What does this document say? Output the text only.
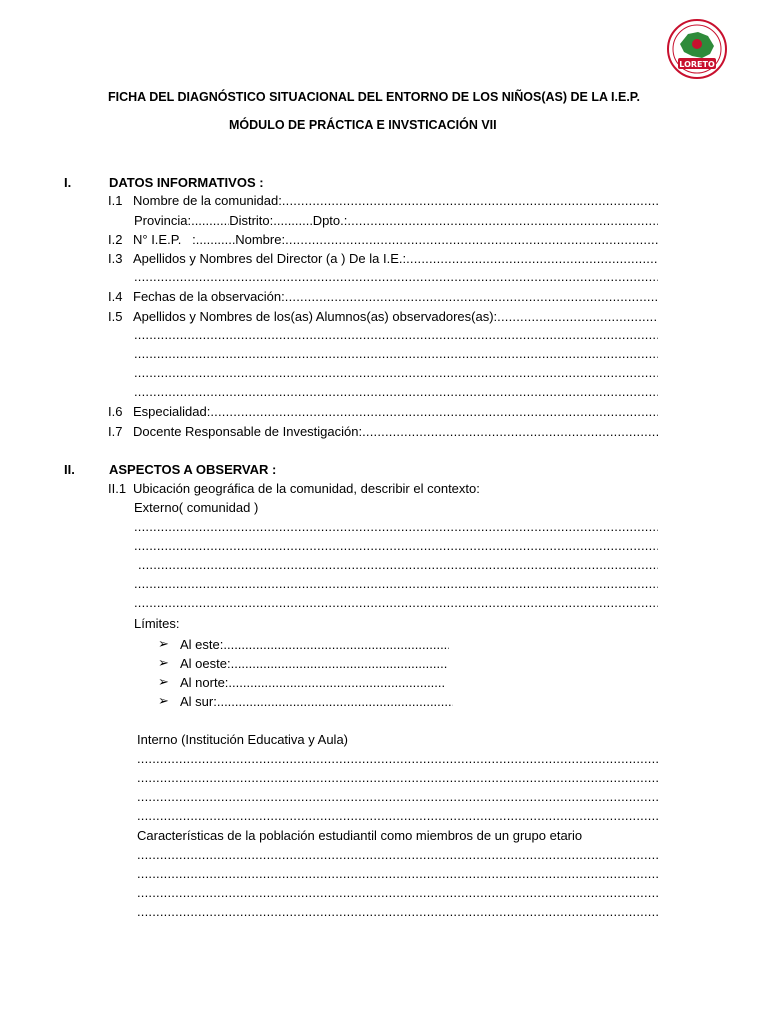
LORETO
FICHA DEL DIAGNÓSTICO SITUACIONAL DEL ENTORNO DE LOS NIÑOS(AS) DE LA I.E.P.
MÓDULO DE PRÁCTICA E INVSTICACIÓN VII
I.	DATOS INFORMATIVOS :
I.1 Nombre de la comunidad:
.....
Provincia: .....	Distrito: .....	Dpto.:
.....
I.2 N° I.E.P.   : .....	Nombre:
.....
I.3 Apellidos y Nombres del Director (a ) De la I.E.:
.....
.....
I.4 Fechas de la observación:
.....
I.5 Apellidos y Nombres de los(as) Alumnos(as) observadores(as):
.....
.....
.....
.....
.....
I.6 Especialidad:
.....
I.7 Docente Responsable de Investigación:
.....
II.	ASPECTOS A OBSERVAR :
II.1 Ubicación geográfica de la comunidad, describir el contexto:
Externo( comunidad )
.....
.....
.....
.....
.....
Límites:
➢ Al este:
.....
➢ Al oeste:
.....
➢ Al norte:
.....
➢ Al sur:
.....
Interno (Institución Educativa y Aula)
.....
.....
.....
.....
Características de la población estudiantil como miembros de un grupo etario
.....
.....
.....
.....
